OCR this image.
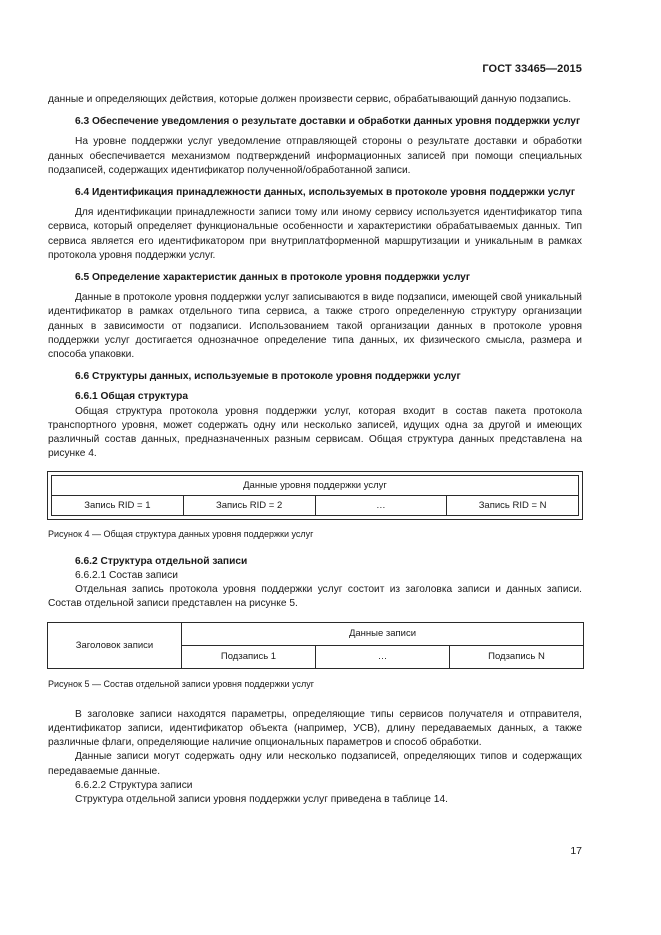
ГОСТ 33465—2015

данные и определяющих действия, которые должен произвести сервис, обрабатывающий данную подзапись.

6.3 Обеспечение уведомления о результате доставки и обработки данных уровня поддержки услуг

На уровне поддержки услуг уведомление отправляющей стороны о результате доставки и обработки данных обеспечивается механизмом подтверждений информационных записей при помощи специальных подзаписей, содержащих идентификатор полученной/обработанной записи.

6.4 Идентификация принадлежности данных, используемых в протоколе уровня поддержки услуг

Для идентификации принадлежности записи тому или иному сервису используется идентификатор типа сервиса, который определяет функциональные особенности и характеристики обрабатываемых данных. Тип сервиса является его идентификатором при внутриплатформенной маршрутизации и уникальным в рамках протокола уровня поддержки услуг.

6.5 Определение характеристик данных в протоколе уровня поддержки услуг

Данные в протоколе уровня поддержки услуг записываются в виде подзаписи, имеющей свой уникальный идентификатор в рамках отдельного типа сервиса, а также строго определенную структуру организации данных в зависимости от подзаписи. Использованием такой организации данных в протоколе уровня поддержки услуг достигается однозначное определение типа данных, их физического смысла, размера и способа упаковки.

6.6 Структуры данных, используемые в протоколе уровня поддержки услуг

6.6.1 Общая структура

Общая структура протокола уровня поддержки услуг, которая входит в состав пакета протокола транспортного уровня, может содержать одну или несколько записей, идущих одна за другой и имеющих различный состав данных, предназначенных разным сервисам. Общая структура данных представлена на рисунке 4.

Данные уровня поддержки услуг
Запись RID = 1	Запись RID = 2	…	Запись RID = N

Рисунок 4 — Общая структура данных уровня поддержки услуг

6.6.2 Структура отдельной записи

6.6.2.1 Состав записи

Отдельная запись протокола уровня поддержки услуг состоит из заголовка записи и данных записи. Состав отдельной записи представлен на рисунке 5.

Заголовок записи	Данные записи		
	Подзапись 1	…	Подзапись N

Рисунок 5 — Состав отдельной записи уровня поддержки услуг

В заголовке записи находятся параметры, определяющие типы сервисов получателя и отправителя, идентификатор записи, идентификатор объекта (например, УСВ), длину передаваемых данных, а также различные флаги, определяющие наличие опциональных параметров и способ обработки.

Данные записи могут содержать одну или несколько подзаписей, определяющих типов и содержащих передаваемые данные.

6.6.2.2 Структура записи

Структура отдельной записи уровня поддержки услуг приведена в таблице 14.

17
